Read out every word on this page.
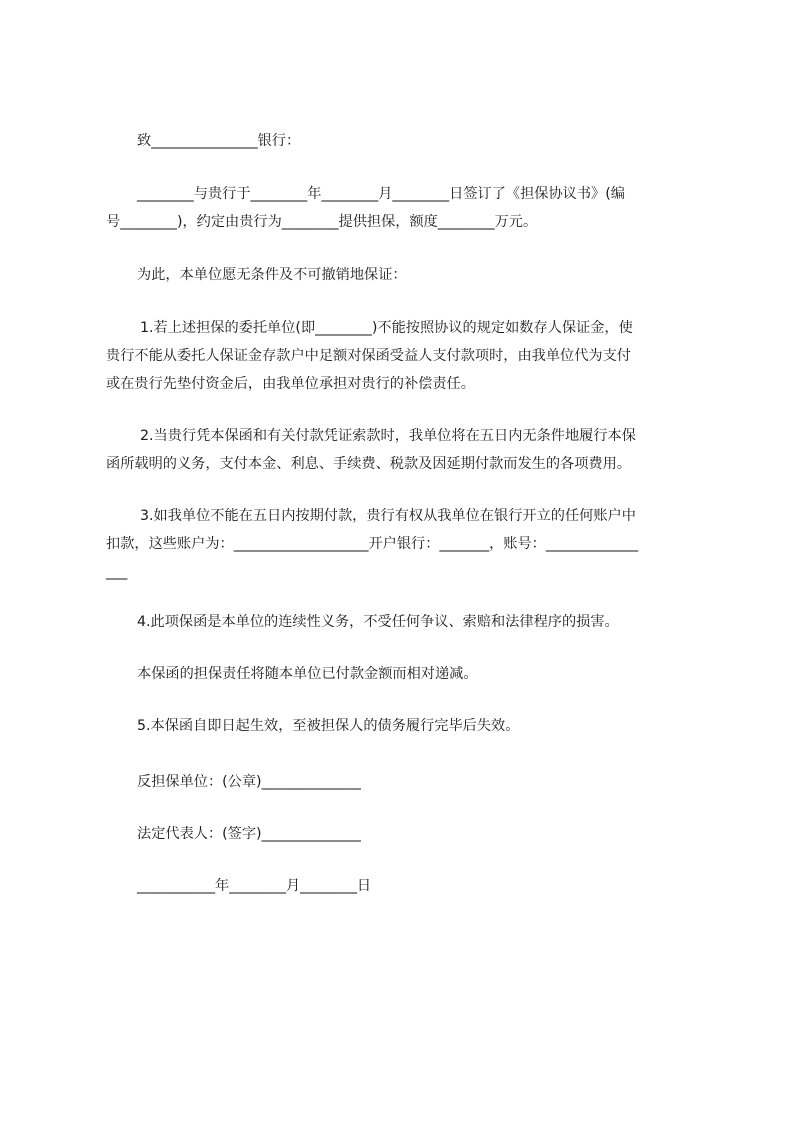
致_______________银行：
________与贵行于________年________月________日签订了《担保协议书》(编
号________)，约定由贵行为________提供担保，额度________万元。
为此，本单位愿无条件及不可撤销地保证：
1.若上述担保的委托单位(即________)不能按照协议的规定如数存人保证金，使
贵行不能从委托人保证金存款户中足额对保函受益人支付款项时，由我单位代为支付
或在贵行先垫付资金后，由我单位承担对贵行的补偿责任。
2.当贵行凭本保函和有关付款凭证索款时，我单位将在五日内无条件地履行本保
函所载明的义务，支付本金、利息、手续费、税款及因延期付款而发生的各项费用。
3.如我单位不能在五日内按期付款，贵行有权从我单位在银行开立的任何账户中
扣款，这些账户为：___________________开户银行：_______，账号：_____________
___
4.此项保函是本单位的连续性义务，不受任何争议、索赔和法律程序的损害。
本保函的担保责任将随本单位已付款金额而相对递减。
5.本保函自即日起生效，至被担保人的债务履行完毕后失效。
反担保单位：(公章)______________
法定代表人：(签字)______________
___________年________月________日
